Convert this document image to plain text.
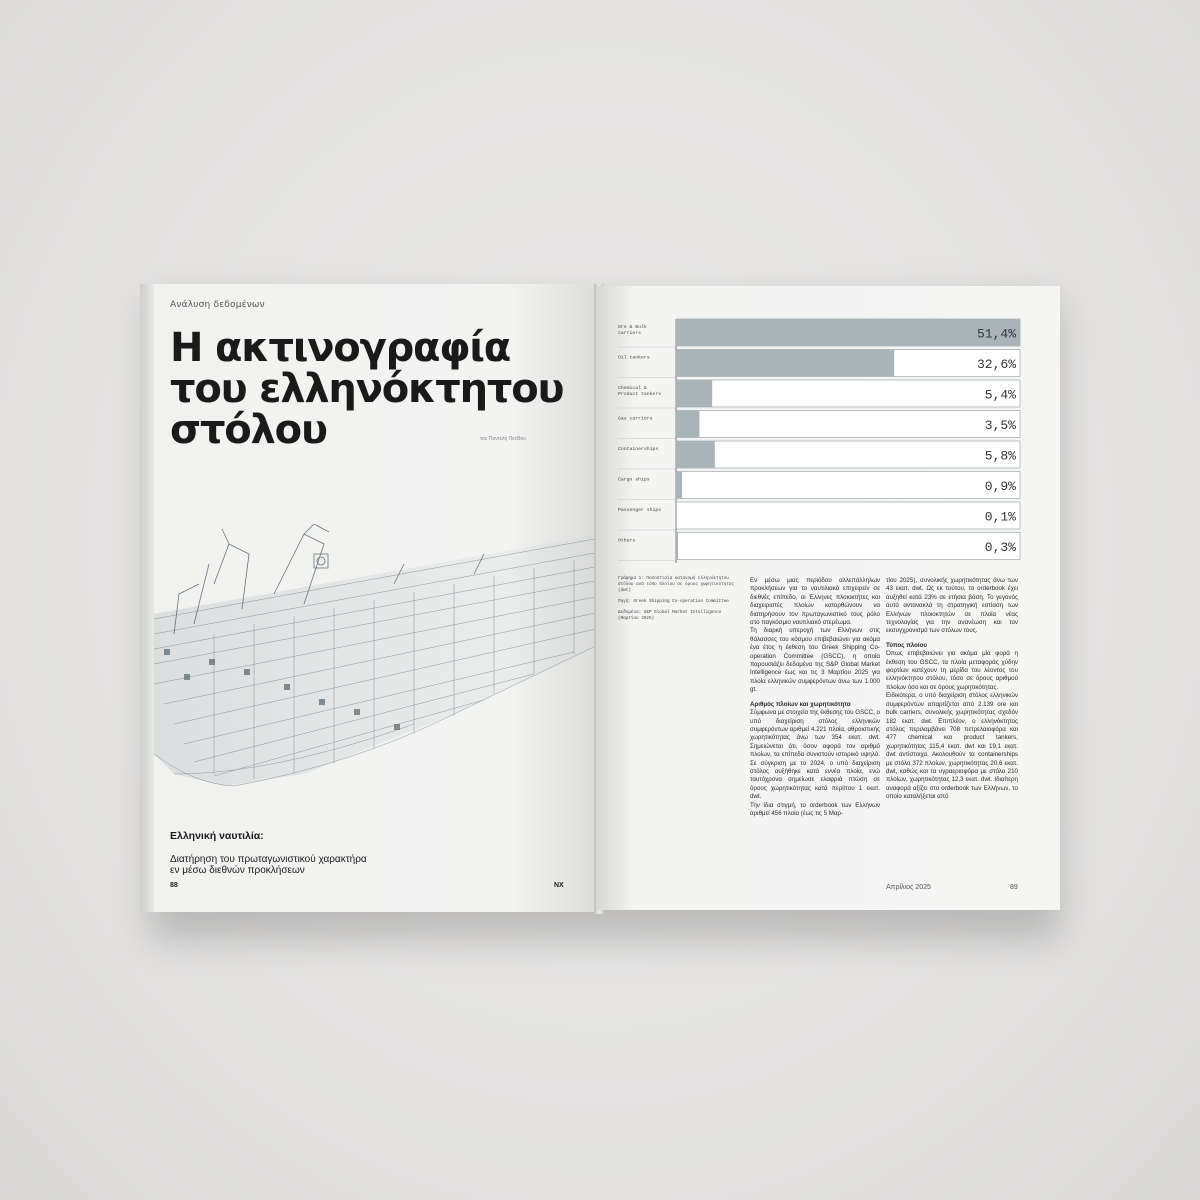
Ανάλυση δεδομένων
Η ακτινογραφία
του ελληνόκτητου
στόλου	του Παντελή Πετίδου
Ελληνική ναυτιλία:
Διατήρηση του πρωταγωνιστικού χαρακτήρα
εν μέσω διεθνών προκλήσεων
88	NX
Ore & Bulk
carriers	51,4%
Oil tankers	32,6%
Chemical &
Product tankers	5,4%
Gas carriers	3,5%
Containerships	5,8%
Cargo ships	0,9%
Passenger ships	0,1%
Others	0,3%

Γράφημα 1: Ποσοστιαία κατανομή ελληνόκτητου στόλου ανά τύπο πλοίου σε όρους χωρητικότητας (dwt)

Πηγή: Greek Shipping Co-operation Committee

Δεδομένα: S&P Global Market Intelligence (Μαρτίου 2025)

Εν μέσω μιας περιόδου αλλεπάλληλων προκλήσεων για το ναυτιλιακό επιχειρείν σε διεθνές επίπεδο, οι Έλληνες πλοιοκτήτες και διαχειριστές πλοίων κατορθώνουν να διατηρήσουν τον πρωταγωνιστικό τους ρόλο στο παγκόσμιο ναυτιλιακό στερέωμα.

Τη διαρκή υπεροχή των Ελλήνων στις θάλασσες του κόσμου επιβεβαιώνει για ακόμα ένα έτος η έκθεση του Greek Shipping Co-operation Committee (GSCC), η οποία παρουσιάζει δεδομένα της S&P Global Market Intelligence έως και τις 3 Μαρτίου 2025 για πλοία ελληνικών συμφερόντων άνω των 1.000 gt.

Αριθμός πλοίων και χωρητικότητα

Σύμφωνα με στοιχεία της έκθεσης του GSCC, ο υπό διαχείριση στόλος ελληνικών συμφερόντων αριθμεί 4.221 πλοία, αθροιστικής χωρητικότητας άνω των 354 εκατ. dwt. Σημειώνεται ότι, όσον αφορά τον αριθμό πλοίων, τα επίπεδα συνιστούν ιστορικό υψηλό. Σε σύγκριση με το 2024, ο υπό διαχείριση στόλος αυξήθηκε κατά εννέα πλοία, ενώ ταυτόχρονα σημείωσε ελαφριά πτώση σε όρους χωρητικότητας κατά περίπου 1 εκατ. dwt.

Την ίδια στιγμή, το orderbook των Ελλήνων αριθμεί 456 πλοία (έως τις 5 Μαρ-

τίου 2025), συνολικής χωρητικότητας άνω των 43 εκατ. dwt. Ως εκ τούτου, το orderbook έχει αυξηθεί κατά 23% σε ετήσια βάση. Το γεγονός αυτό αντανακλά τη στρατηγική εστίαση των Ελλήνων πλοιοκτητών σε πλοία νέας τεχνολογίας για την ανανέωση και τον εκσυγχρονισμό των στόλων τους.

Τύπος πλοίου

Όπως επιβεβαιώνει για ακόμα μία φορά η έκθεση του GSCC, τα πλοία μεταφοράς χύδην φορτίων κατέχουν τη μερίδα του λέοντος του ελληνόκτητου στόλου, τόσο σε όρους αριθμού πλοίων όσο και σε όρους χωρητικότητας.

Ειδικότερα, ο υπό διαχείριση στόλος ελληνικών συμφερόντων απαρτίζεται από 2.139 ore και bulk carriers, συνολικής χωρητικότητας σχεδόν 182 εκατ. dwt. Επιπλέον, ο ελληνόκτητος στόλος περιλαμβάνει 708 πετρελαιοφόρα και 477 chemical και product tankers, χωρητικότητας 115,4 εκατ. dwt και 19,1 εκατ. dwt αντίστοιχα. Ακολουθούν τα containerships με στόλο 372 πλοίων, χωρητικότητας 20,6 εκατ. dwt, καθώς και τα υγραεριοφόρα με στόλο 210 πλοίων, χωρητικότητας 12,3 εκατ. dwt. Ιδιαίτερη αναφορά αξίζει στο orderbook των Ελλήνων, το οποίο καταλήξεται από

Απρίλιος 2025	89
